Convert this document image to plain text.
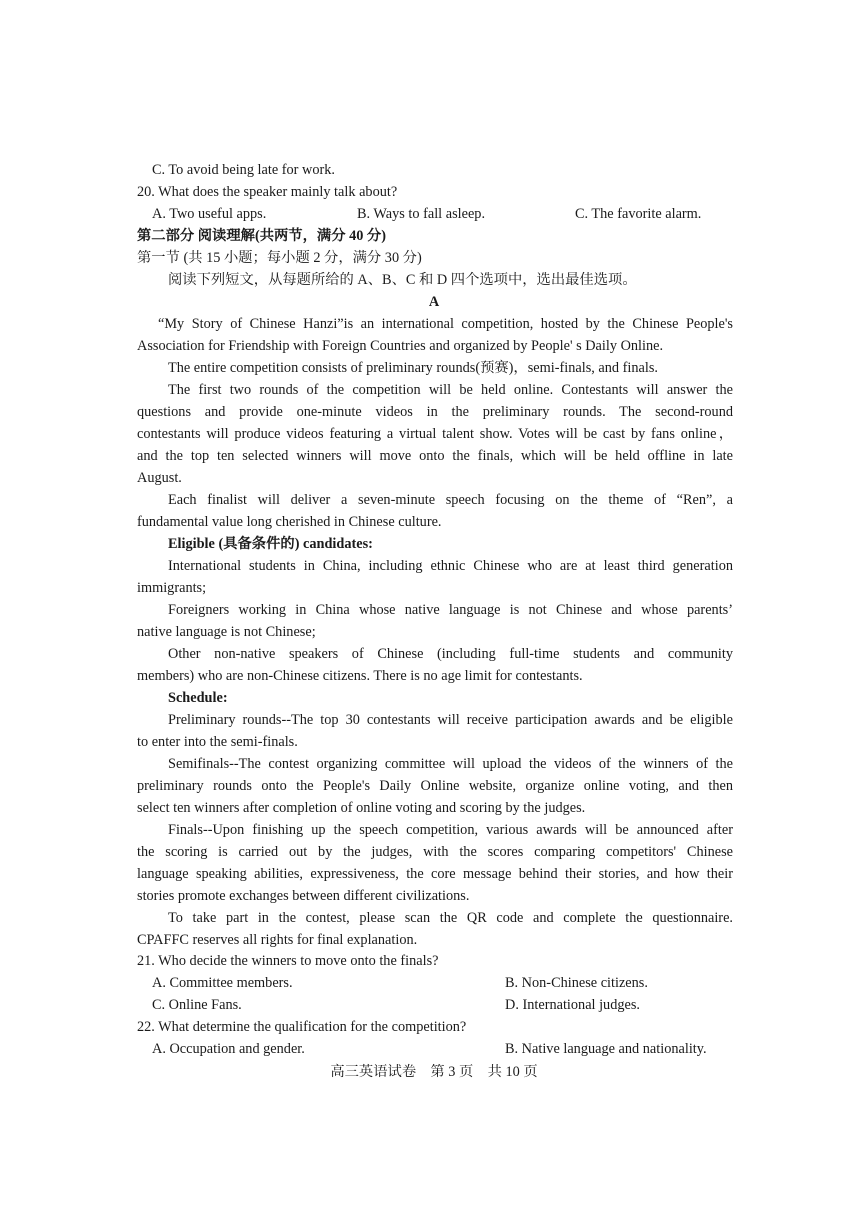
C. To avoid being late for work.
20. What does the speaker mainly talk about?
A. Two useful apps.	B. Ways to fall asleep.	C. The favorite alarm.
第二部分 阅读理解(共两节，满分 40 分)
第一节 (共 15 小题；每小题 2 分，满分 30 分)
阅读下列短文，从每题所给的 A、B、C 和 D 四个选项中，选出最佳选项。
A
“My Story of Chinese Hanzi”is an international competition, hosted by the Chinese People's
Association for Friendship with Foreign Countries and organized by People' s Daily Online.
The entire competition consists of preliminary rounds(预赛)，semi-finals, and finals.
The first two rounds of the competition will be held online. Contestants will answer the
questions and provide one-minute videos in the preliminary rounds. The second-round
contestants will produce videos featuring a virtual talent show. Votes will be cast by fans online，
and the top ten selected winners will move onto the finals, which will be held offline in late
August.
Each finalist will deliver a seven-minute speech focusing on the theme of “Ren”, a
fundamental value long cherished in Chinese culture.
Eligible (具备条件的) candidates:
International students in China, including ethnic Chinese who are at least third generation
immigrants;
Foreigners working in China whose native language is not Chinese and whose parents’
native language is not Chinese;
Other non-native speakers of Chinese (including full-time students and community
members) who are non-Chinese citizens. There is no age limit for contestants.
Schedule:
Preliminary rounds--The top 30 contestants will receive participation awards and be eligible
to enter into the semi-finals.
Semifinals--The contest organizing committee will upload the videos of the winners of the
preliminary rounds onto the People's Daily Online website, organize online voting, and then
select ten winners after completion of online voting and scoring by the judges.
Finals--Upon finishing up the speech competition, various awards will be announced after
the scoring is carried out by the judges, with the scores comparing competitors' Chinese
language speaking abilities, expressiveness, the core message behind their stories, and how their
stories promote exchanges between different civilizations.
To take part in the contest, please scan the QR code and complete the questionnaire.
CPAFFC reserves all rights for final explanation.
21. Who decide the winners to move onto the finals?
A. Committee members.	B. Non-Chinese citizens.
C. Online Fans.	D. International judges.
22. What determine the qualification for the competition?
A. Occupation and gender.	B. Native language and nationality.
高三英语试卷　第 3 页　共 10 页
